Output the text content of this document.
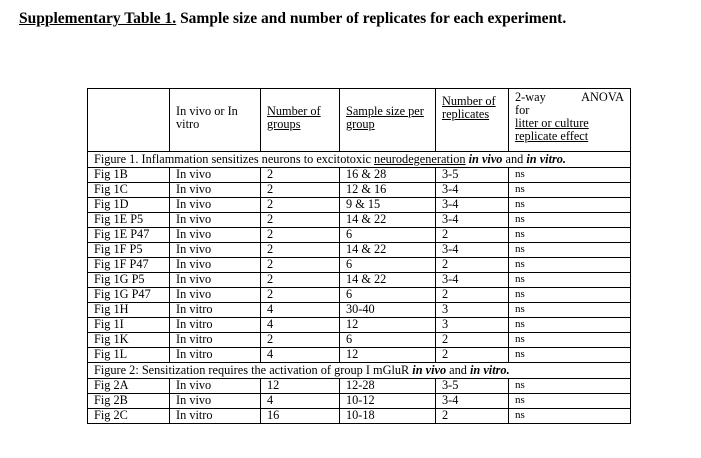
Supplementary Table 1. Sample size and number of replicates for each experiment.
	In vivo or In vitro	Number of groups	Sample size per group	Number of replicates	2-way ANOVA
for
litter or culture replicate effect

Figure 1. Inflammation sensitizes neurons to excitotoxic neurodegeneration in vivo and in vitro.					
Fig 1B	In vivo	2	16 & 28	3-5	ns
Fig 1C	In vivo	2	12 & 16	3-4	ns
Fig 1D	In vivo	2	9 & 15	3-4	ns
Fig 1E P5	In vivo	2	14 & 22	3-4	ns
Fig 1E P47	In vivo	2	6	2	ns
Fig 1F P5	In vivo	2	14 & 22	3-4	ns
Fig 1F P47	In vivo	2	6	2	ns
Fig 1G P5	In vivo	2	14 & 22	3-4	ns
Fig 1G P47	In vivo	2	6	2	ns
Fig 1H	In vitro	4	30-40	3	ns
Fig 1I	In vitro	4	12	3	ns
Fig 1K	In vitro	2	6	2	ns
Fig 1L	In vitro	4	12	2	ns
Figure 2: Sensitization requires the activation of group I mGluR in vivo and in vitro.					
Fig 2A	In vivo	12	12-28	3-5	ns
Fig 2B	In vivo	4	10-12	3-4	ns
Fig 2C	In vitro	16	10-18	2	ns
